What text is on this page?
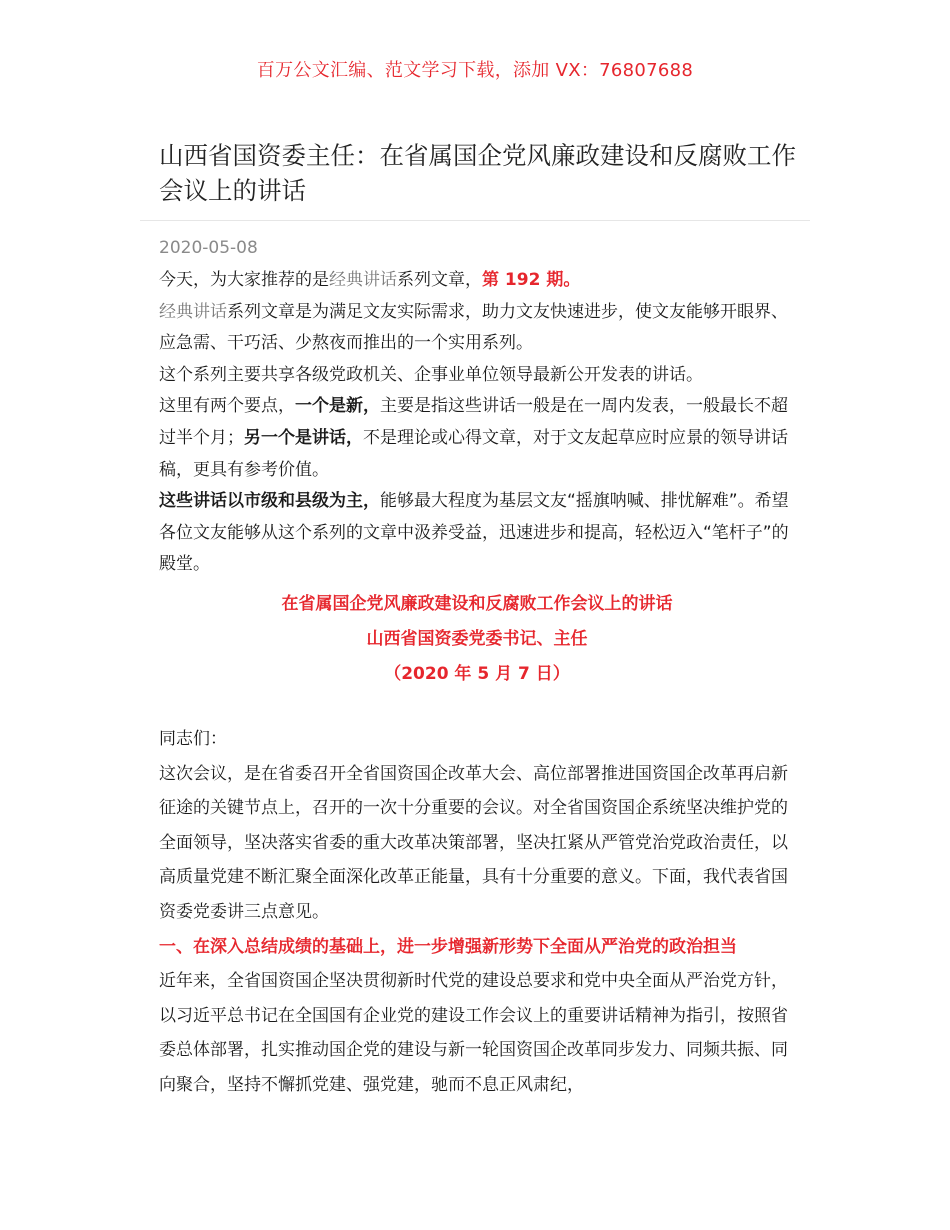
百万公文汇编、范文学习下载，添加 VX：76807688
山西省国资委主任：在省属国企党风廉政建设和反腐败工作会议上的讲话
2020-05-08

今天，为大家推荐的是经典讲话系列文章，第 192 期。

经典讲话系列文章是为满足文友实际需求，助力文友快速进步，使文友能够开眼界、应急需、干巧活、少熬夜而推出的一个实用系列。

这个系列主要共享各级党政机关、企事业单位领导最新公开发表的讲话。

这里有两个要点，一个是新，主要是指这些讲话一般是在一周内发表，一般最长不超过半个月；另一个是讲话，不是理论或心得文章，对于文友起草应时应景的领导讲话稿，更具有参考价值。

这些讲话以市级和县级为主，能够最大程度为基层文友“摇旗呐喊、排忧解难”。希望各位文友能够从这个系列的文章中汲养受益，迅速进步和提高，轻松迈入“笔杆子”的殿堂。

在省属国企党风廉政建设和反腐败工作会议上的讲话
山西省国资委党委书记、主任
（2020 年 5 月 7 日）

同志们：

这次会议，是在省委召开全省国资国企改革大会、高位部署推进国资国企改革再启新征途的关键节点上，召开的一次十分重要的会议。对全省国资国企系统坚决维护党的全面领导，坚决落实省委的重大改革决策部署，坚决扛紧从严管党治党政治责任，以高质量党建不断汇聚全面深化改革正能量，具有十分重要的意义。下面，我代表省国资委党委讲三点意见。

一、在深入总结成绩的基础上，进一步增强新形势下全面从严治党的政治担当

近年来，全省国资国企坚决贯彻新时代党的建设总要求和党中央全面从严治党方针，以习近平总书记在全国国有企业党的建设工作会议上的重要讲话精神为指引，按照省委总体部署，扎实推动国企党的建设与新一轮国资国企改革同步发力、同频共振、同向聚合，坚持不懈抓党建、强党建，驰而不息正风肃纪，
